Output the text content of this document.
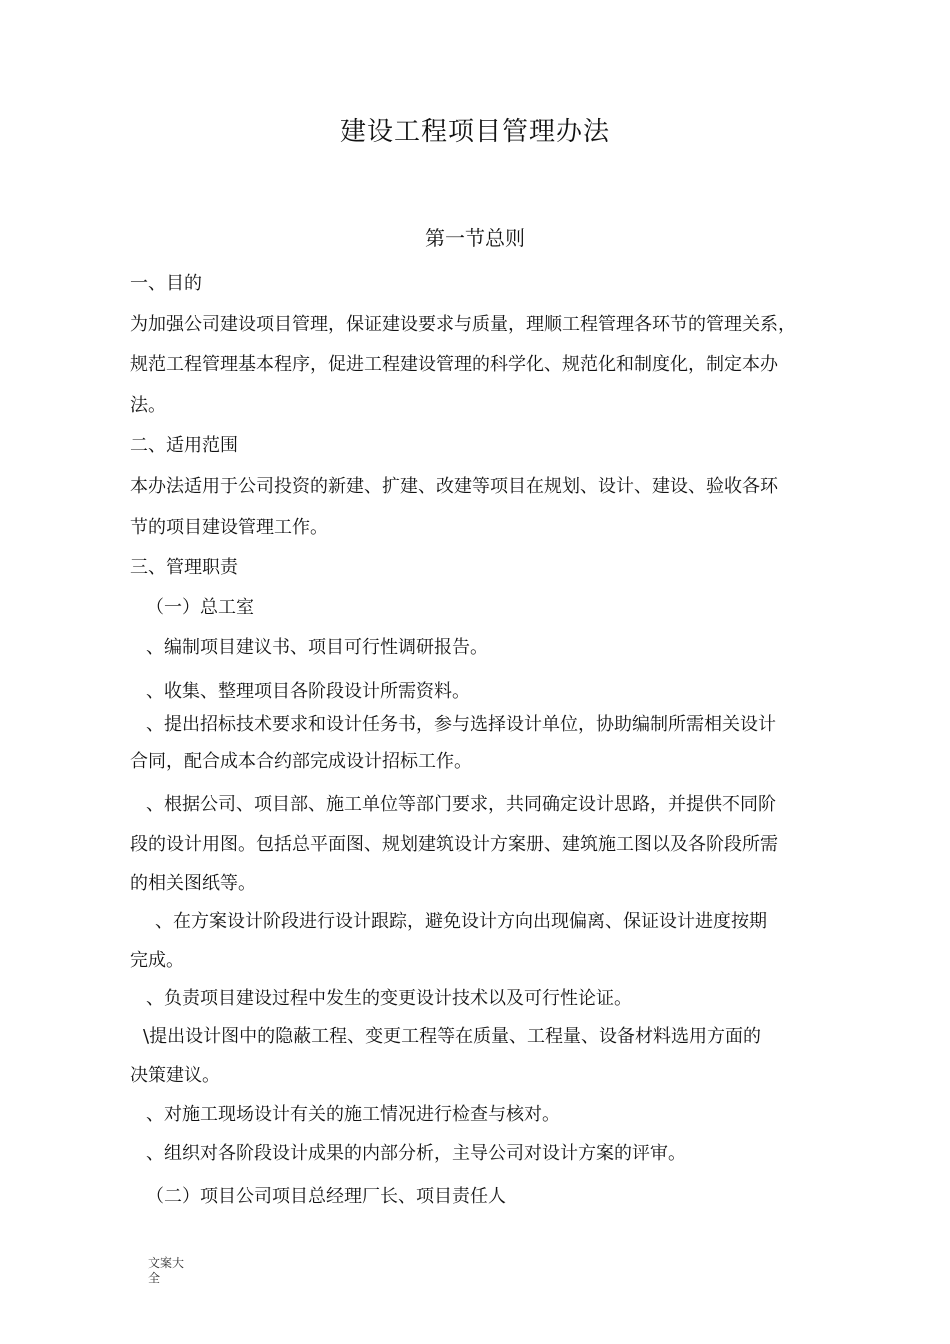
建设工程项目管理办法
第一节总则
一、目的
为加强公司建设项目管理，保证建设要求与质量，理顺工程管理各环节的管理关系，
规范工程管理基本程序，促进工程建设管理的科学化、规范化和制度化，制定本办
法。
二、适用范围
本办法适用于公司投资的新建、扩建、改建等项目在规划、设计、建设、验收各环
节的项目建设管理工作。
三、管理职责
（一）总工室
、编制项目建议书、项目可行性调研报告。
、收集、整理项目各阶段设计所需资料。
、提出招标技术要求和设计任务书，参与选择设计单位，协助编制所需相关设计
合同，配合成本合约部完成设计招标工作。
、根据公司、项目部、施工单位等部门要求，共同确定设计思路，并提供不同阶
段的设计用图。包括总平面图、规划建筑设计方案册、建筑施工图以及各阶段所需
的相关图纸等。
、在方案设计阶段进行设计跟踪，避免设计方向出现偏离、保证设计进度按期
完成。
、负责项目建设过程中发生的变更设计技术以及可行性论证。
\提出设计图中的隐蔽工程、变更工程等在质量、工程量、设备材料选用方面的
决策建议。
、对施工现场设计有关的施工情况进行检查与核对。
、组织对各阶段设计成果的内部分析，主导公司对设计方案的评审。
（二）项目公司项目总经理厂长、项目责任人
文案大
全
